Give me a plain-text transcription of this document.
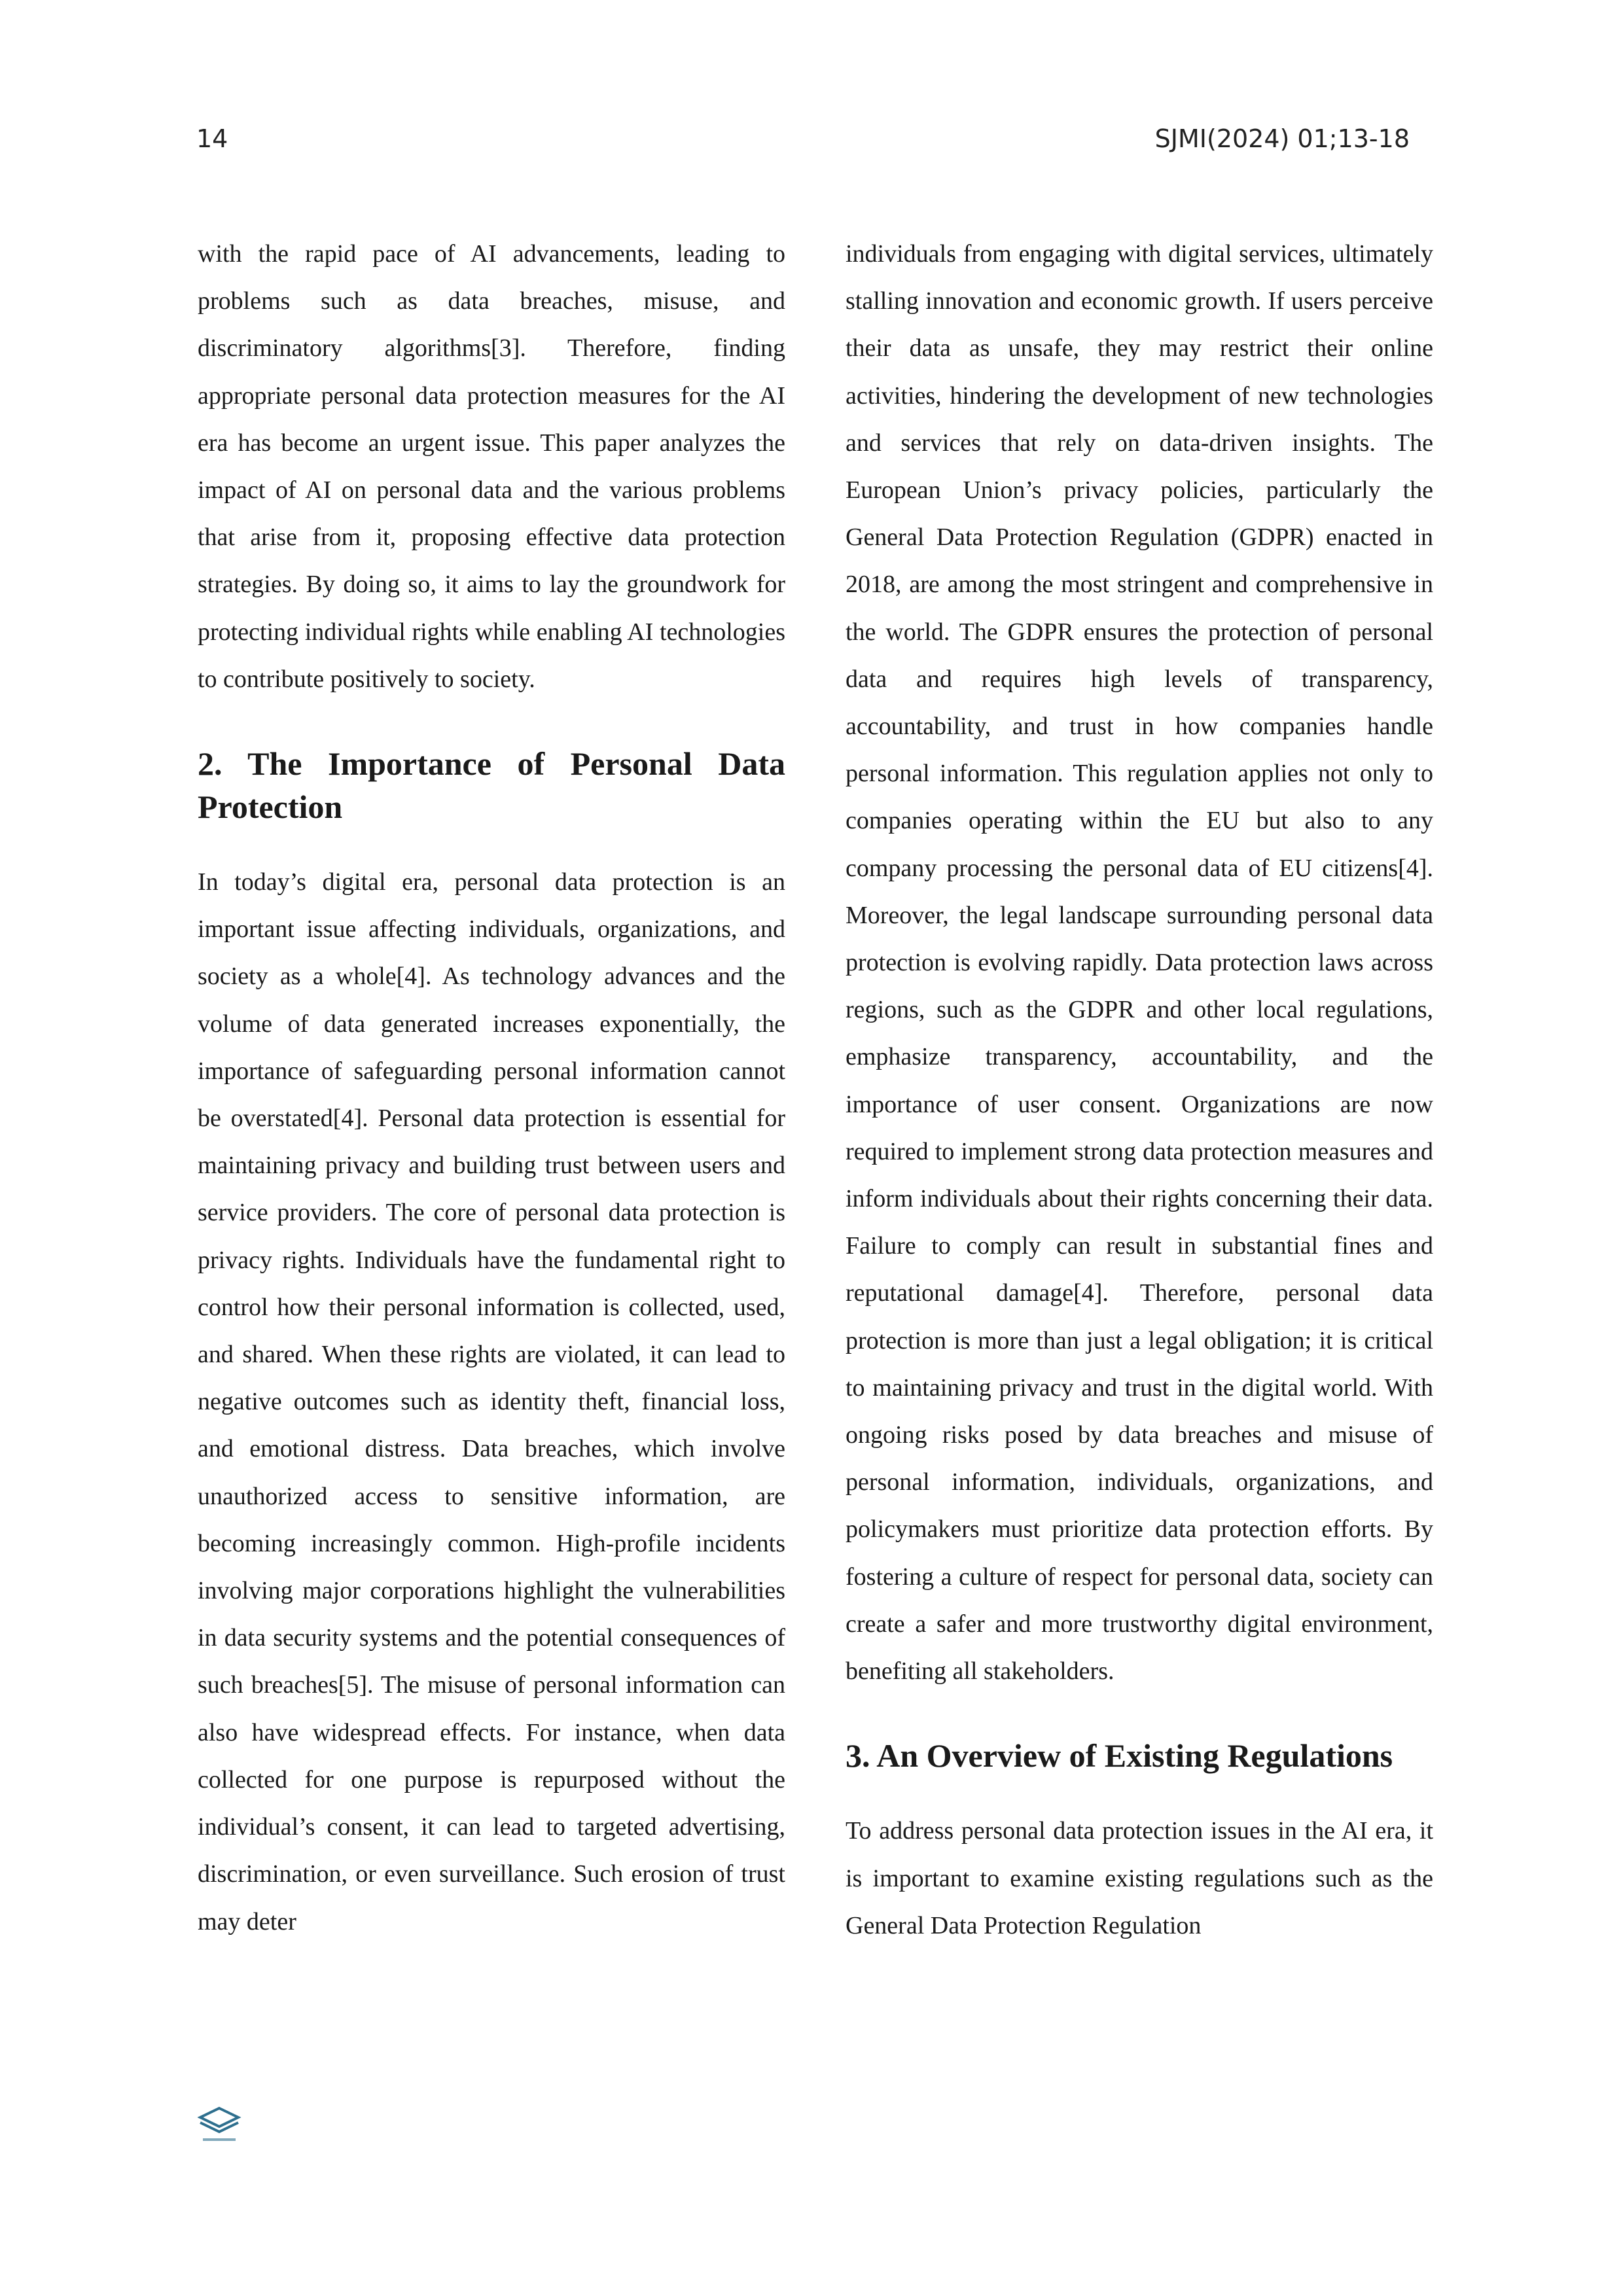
14	SJMI(2024) 01;13-18

with the rapid pace of AI advancements, leading to problems such as data breaches, misuse, and discriminatory algorithms[3]. Therefore, finding appropriate personal data protection measures for the AI era has become an urgent issue. This paper analyzes the impact of AI on personal data and the various problems that arise from it, proposing effective data protection strategies. By doing so, it aims to lay the groundwork for protecting individual rights while enabling AI technologies to contribute positively to society.

2. The Importance of Personal Data Protection

In today’s digital era, personal data protection is an important issue affecting individuals, organizations, and society as a whole[4]. As technology advances and the volume of data generated increases exponentially, the importance of safeguarding personal information cannot be overstated[4]. Personal data protection is essential for maintaining privacy and building trust between users and service providers. The core of personal data protection is privacy rights. Individuals have the fundamental right to control how their personal information is collected, used, and shared. When these rights are violated, it can lead to negative outcomes such as identity theft, financial loss, and emotional distress. Data breaches, which involve unauthorized access to sensitive information, are becoming increasingly common. High-profile incidents involving major corporations highlight the vulnerabilities in data security systems and the potential consequences of such breaches[5]. The misuse of personal information can also have widespread effects. For instance, when data collected for one purpose is repurposed without the individual’s consent, it can lead to targeted advertising, discrimination, or even surveillance. Such erosion of trust may deter

individuals from engaging with digital services, ultimately stalling innovation and economic growth. If users perceive their data as unsafe, they may restrict their online activities, hindering the development of new technologies and services that rely on data-driven insights. The European Union’s privacy policies, particularly the General Data Protection Regulation (GDPR) enacted in 2018, are among the most stringent and comprehensive in the world. The GDPR ensures the protection of personal data and requires high levels of transparency, accountability, and trust in how companies handle personal information. This regulation applies not only to companies operating within the EU but also to any company processing the personal data of EU citizens[4]. Moreover, the legal landscape surrounding personal data protection is evolving rapidly. Data protection laws across regions, such as the GDPR and other local regulations, emphasize transparency, accountability, and the importance of user consent. Organizations are now required to implement strong data protection measures and inform individuals about their rights concerning their data. Failure to comply can result in substantial fines and reputational damage[4]. Therefore, personal data protection is more than just a legal obligation; it is critical to maintaining privacy and trust in the digital world. With ongoing risks posed by data breaches and misuse of personal information, individuals, organizations, and policymakers must prioritize data protection efforts. By fostering a culture of respect for personal data, society can create a safer and more trustworthy digital environment, benefiting all stakeholders.

3. An Overview of Existing Regulations

To address personal data protection issues in the AI era, it is important to examine existing regulations such as the General Data Protection Regulation
